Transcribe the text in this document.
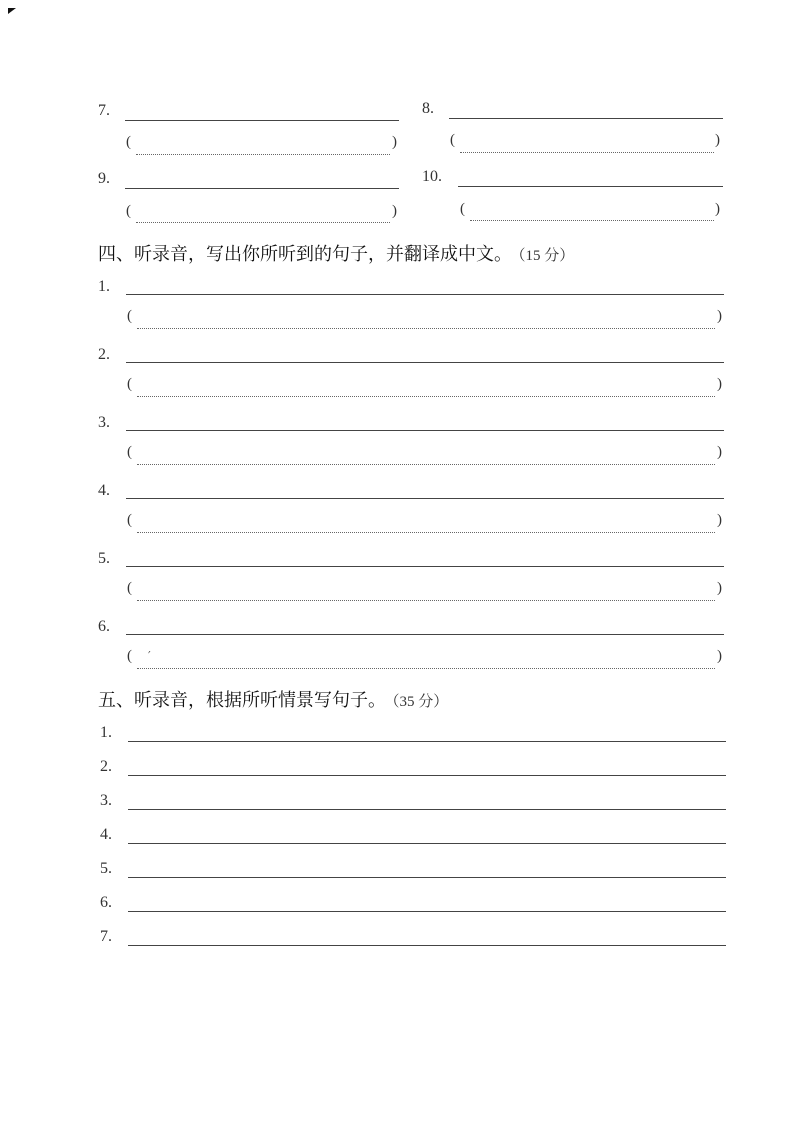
7.
(	)
8.
(	)
9.
(	)
10.
(	)
四、听录音，写出你所听到的句子，并翻译成中文。 （15 分）
1.
(	)
2.
(	)
3.
(	)
4.
(	)
5.
(	)
6.
( ′	)
五、听录音，根据所听情景写句子。 （35 分）
1.
2.
3.
4.
5.
6.
7.
